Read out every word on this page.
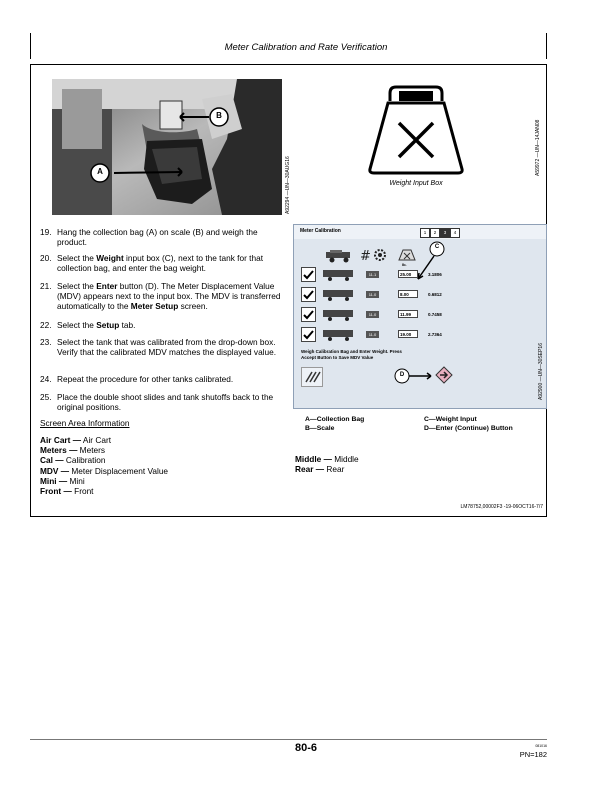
Meter Calibration and Rate Verification
B
A	A92294 —UN—30AUG16	Weight Input Box
A59972 —UN—14JAN08
19. Hang the collection bag (A) on scale (B) and weigh the product.
20. Select the Weight input box (C), next to the tank for that collection bag, and enter the bag weight.
21. Select the Enter button (D). The Meter Displacement Value (MDV) appears next to the input box. The MDV is transferred automatically to the Meter Setup screen.
22. Select the Setup tab.
23. Select the tank that was calibrated from the drop-down box. Verify that the calibrated MDV matches the displayed value.
24. Repeat the procedure for other tanks calibrated.
25. Place the double shoot slides and tank shutoffs back to the original positions.
Screen Area Information
Air Cart — Air Cart
Meters — Meters
Cal — Calibration
MDV — Meter Displacement Value
Mini — Mini
Front — Front
Meter Calibration	1	2	3	4
#
lb.
C
11.1	25.00	3.1806
11.0	8.00	0.6812
11.0	11.99	0.7458
11.0	19.00	2.7364
Weigh Calibration Bag and Enter Weight. Press Accept Button to Save MDV Value
D	A92900 —UN—30SEP16
A—Collection Bag
B—Scale
C—Weight Input
D—Enter (Continue) Button
Middle — Middle
Rear — Rear
LM78752,00002F3 -19-06OCT16-7/7
80-6	081016
PN=182
